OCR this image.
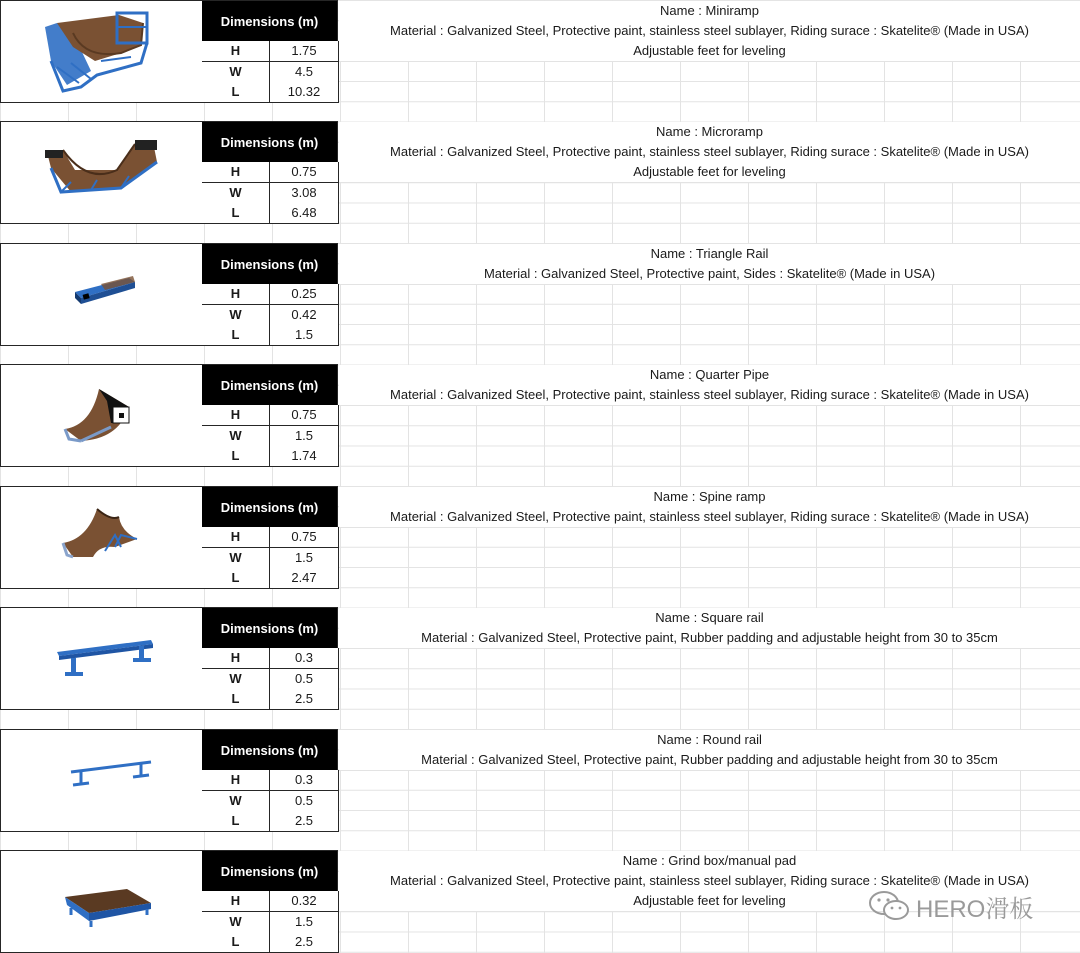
Dimensions (m)
H	1.75
W	4.5
L	10.32
Name : Miniramp
Material : Galvanized Steel, Protective paint, stainless steel sublayer, Riding surace : Skatelite® (Made in USA)
Adjustable feet for leveling
Dimensions (m)
H	0.75
W	3.08
L	6.48
Name : Microramp
Material : Galvanized Steel, Protective paint, stainless steel sublayer, Riding surace : Skatelite® (Made in USA)
Adjustable feet for leveling
Dimensions (m)
H	0.25
W	0.42
L	1.5
Name : Triangle Rail
Material : Galvanized Steel, Protective paint, Sides : Skatelite® (Made in USA)
Dimensions (m)
H	0.75
W	1.5
L	1.74
Name : Quarter Pipe
Material : Galvanized Steel, Protective paint, stainless steel sublayer, Riding surace : Skatelite® (Made in USA)
Dimensions (m)
H	0.75
W	1.5
L	2.47
Name : Spine ramp
Material : Galvanized Steel, Protective paint, stainless steel sublayer, Riding surace : Skatelite® (Made in USA)
Dimensions (m)
H	0.3
W	0.5
L	2.5
Name : Square rail
Material : Galvanized Steel, Protective paint, Rubber padding and adjustable height from 30 to 35cm
Dimensions (m)
H	0.3
W	0.5
L	2.5
Name : Round rail
Material : Galvanized Steel, Protective paint, Rubber padding and adjustable height from 30 to 35cm
Dimensions (m)
H	0.32
W	1.5
L	2.5
Name : Grind box/manual pad
Material : Galvanized Steel, Protective paint, stainless steel sublayer, Riding surace : Skatelite® (Made in USA)
Adjustable feet for leveling	HERO滑板
